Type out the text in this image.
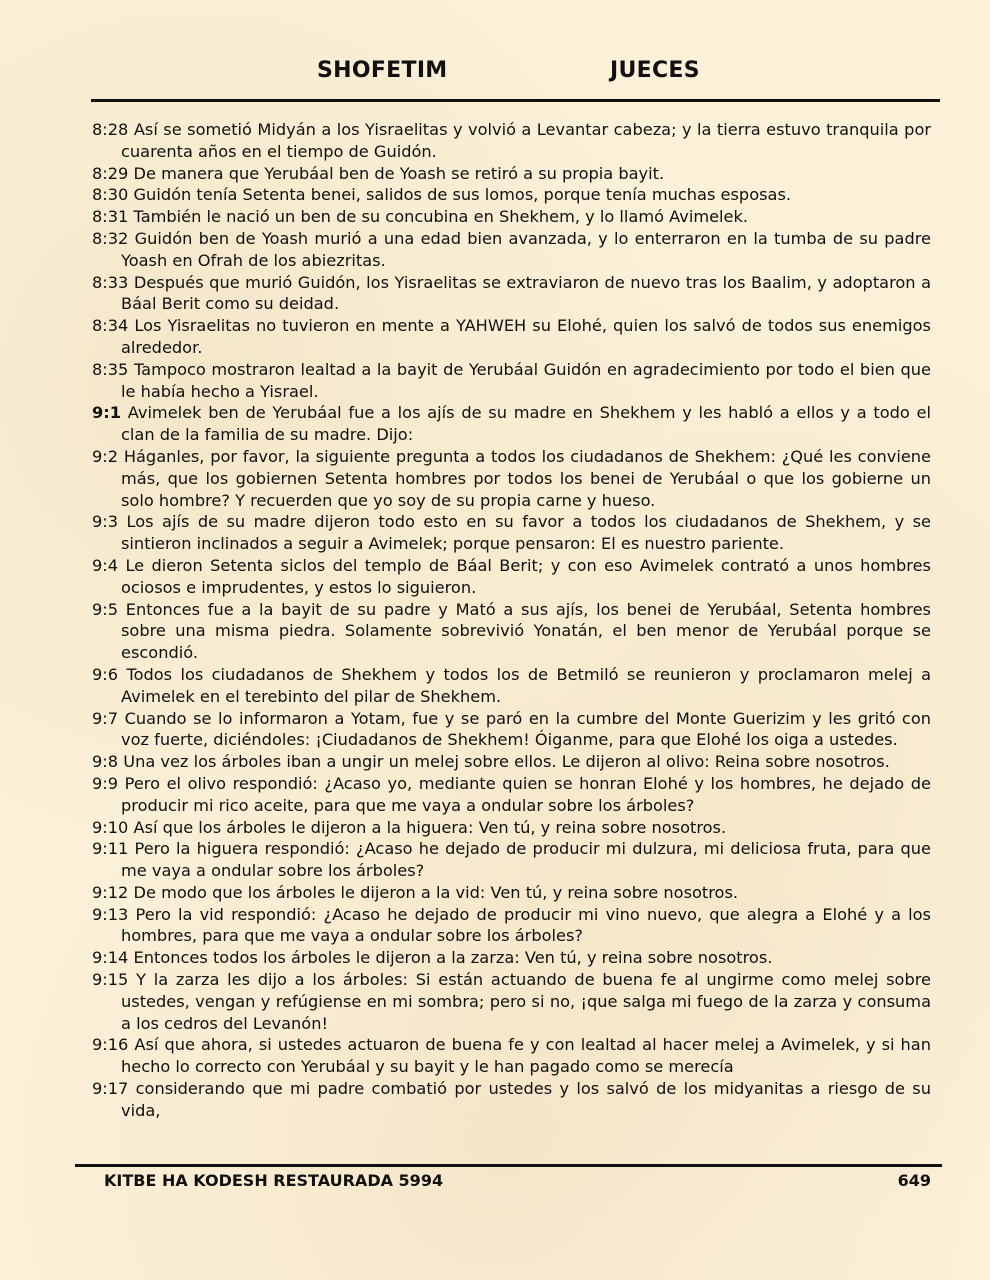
SHOFETIM	JUECES

8:28 Así se sometió Midyán a los Yisraelitas y volvió a Levantar cabeza; y la tierra estuvo tranquila por cuarenta años en el tiempo de Guidón.

8:29 De manera que Yerubáal ben de Yoash se retiró a su propia bayit.

8:30 Guidón tenía Setenta benei, salidos de sus lomos, porque tenía muchas esposas.

8:31 También le nació un ben de su concubina en Shekhem, y lo llamó Avimelek.

8:32 Guidón ben de Yoash murió a una edad bien avanzada, y lo enterraron en la tumba de su padre Yoash en Ofrah de los abiezritas.

8:33 Después que murió Guidón, los Yisraelitas se extraviaron de nuevo tras los Baalim, y adoptaron a Báal Berit como su deidad.

8:34 Los Yisraelitas no tuvieron en mente a YAHWEH su Elohé, quien los salvó de todos sus enemigos alrededor.

8:35 Tampoco mostraron lealtad a la bayit de Yerubáal Guidón en agradecimiento por todo el bien que le había hecho a Yisrael.

9:1 Avimelek ben de Yerubáal fue a los ajís de su madre en Shekhem y les habló a ellos y a todo el clan de la familia de su madre. Dijo:

9:2 Háganles, por favor, la siguiente pregunta a todos los ciudadanos de Shekhem: ¿Qué les conviene más, que los gobiernen Setenta hombres por todos los benei de Yerubáal o que los gobierne un solo hombre? Y recuerden que yo soy de su propia carne y hueso.

9:3 Los ajís de su madre dijeron todo esto en su favor a todos los ciudadanos de Shekhem, y se sintieron inclinados a seguir a Avimelek; porque pensaron: El es nuestro pariente.

9:4 Le dieron Setenta siclos del templo de Báal Berit; y con eso Avimelek contrató a unos hombres ociosos e imprudentes, y estos lo siguieron.

9:5 Entonces fue a la bayit de su padre y Mató a sus ajís, los benei de Yerubáal, Setenta hombres sobre una misma piedra. Solamente sobrevivió Yonatán, el ben menor de Yerubáal porque se escondió.

9:6 Todos los ciudadanos de Shekhem y todos los de Betmiló se reunieron y proclamaron melej a Avimelek en el terebinto del pilar de Shekhem.

9:7 Cuando se lo informaron a Yotam, fue y se paró en la cumbre del Monte Guerizim y les gritó con voz fuerte, diciéndoles: ¡Ciudadanos de Shekhem! Óiganme, para que Elohé los oiga a ustedes.

9:8 Una vez los árboles iban a ungir un melej sobre ellos. Le dijeron al olivo: Reina sobre nosotros.

9:9 Pero el olivo respondió: ¿Acaso yo, mediante quien se honran Elohé y los hombres, he dejado de producir mi rico aceite, para que me vaya a ondular sobre los árboles?

9:10 Así que los árboles le dijeron a la higuera: Ven tú, y reina sobre nosotros.

9:11 Pero la higuera respondió: ¿Acaso he dejado de producir mi dulzura, mi deliciosa fruta, para que me vaya a ondular sobre los árboles?

9:12 De modo que los árboles le dijeron a la vid: Ven tú, y reina sobre nosotros.

9:13 Pero la vid respondió: ¿Acaso he dejado de producir mi vino nuevo, que alegra a Elohé y a los hombres, para que me vaya a ondular sobre los árboles?

9:14 Entonces todos los árboles le dijeron a la zarza: Ven tú, y reina sobre nosotros.

9:15 Y la zarza les dijo a los árboles: Si están actuando de buena fe al ungirme como melej sobre ustedes, vengan y refúgiense en mi sombra; pero si no, ¡que salga mi fuego de la zarza y consuma a los cedros del Levanón!

9:16 Así que ahora, si ustedes actuaron de buena fe y con lealtad al hacer melej a Avimelek, y si han hecho lo correcto con Yerubáal y su bayit y le han pagado como se merecía

9:17 considerando que mi padre combatió por ustedes y los salvó de los midyanitas a riesgo de su vida,

KITBE HA KODESH RESTAURADA 5994	649
